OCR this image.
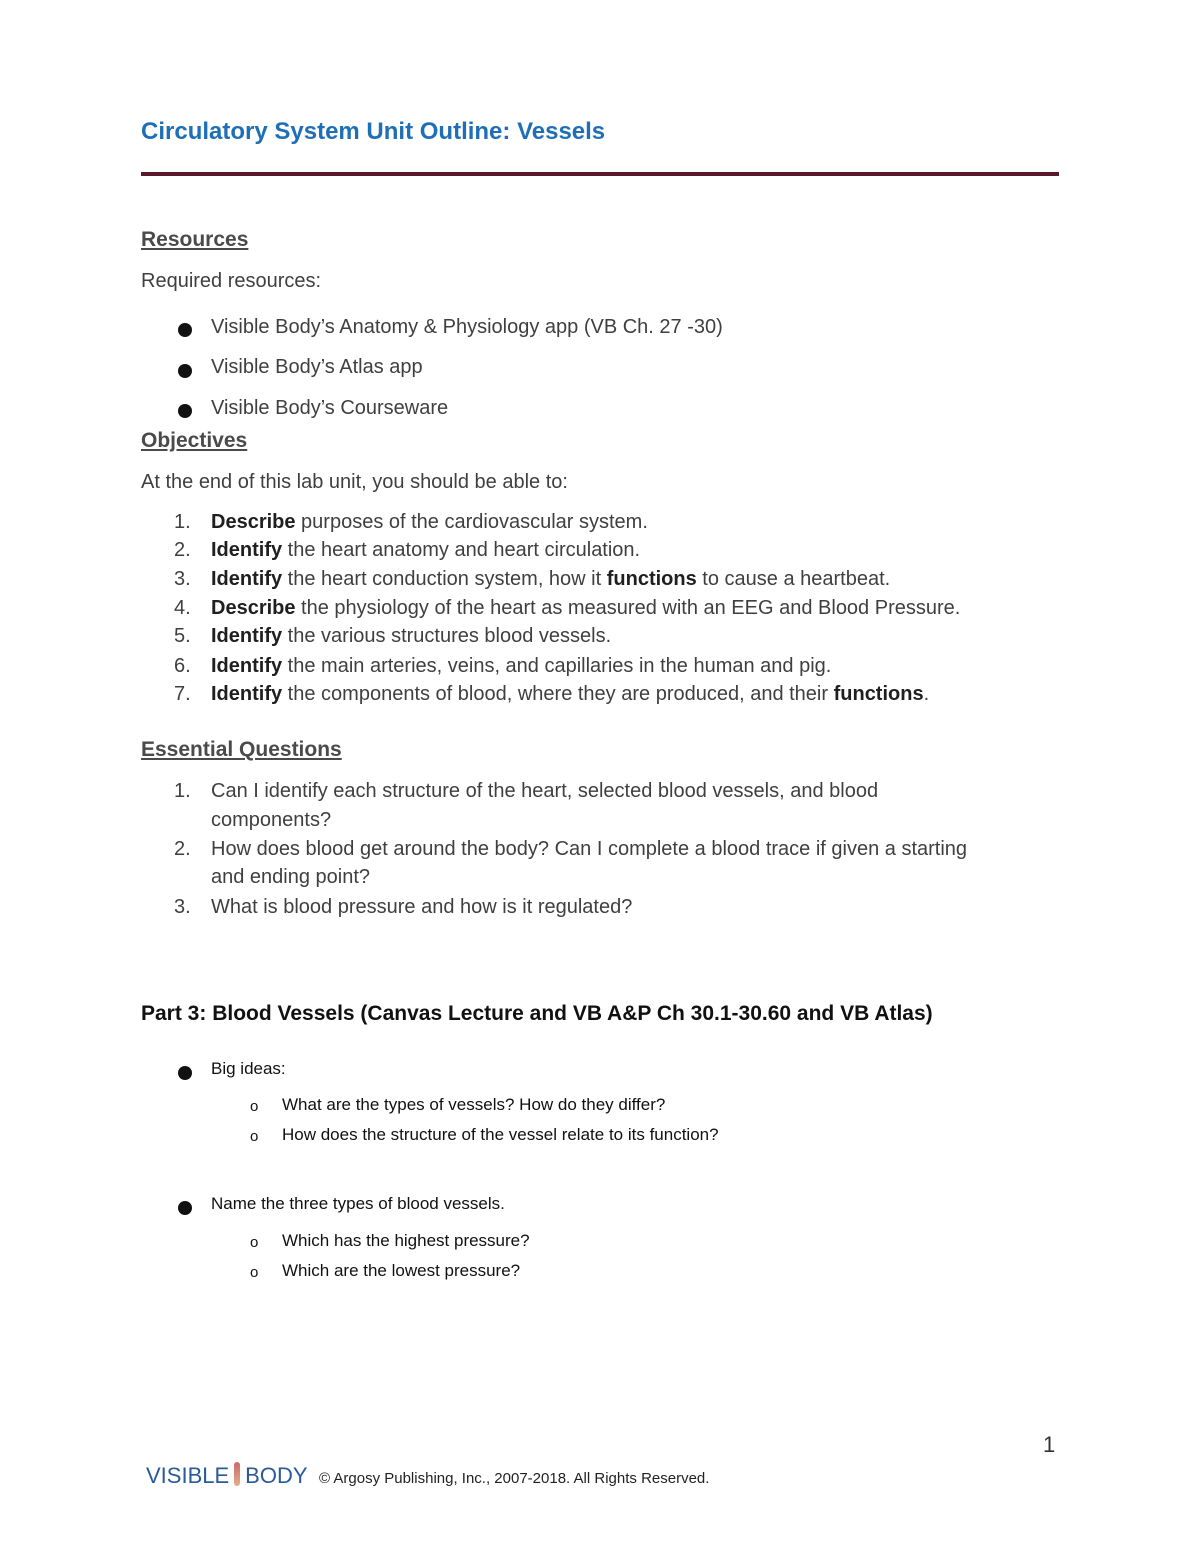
Circulatory System Unit Outline: Vessels
Resources
Required resources:
Visible Body’s Anatomy & Physiology app (VB Ch. 27 -30)
Visible Body’s Atlas app
Visible Body’s Courseware
Objectives
At the end of this lab unit, you should be able to:
1. Describe purposes of the cardiovascular system.
2. Identify the heart anatomy and heart circulation.
3. Identify the heart conduction system, how it functions to cause a heartbeat.
4. Describe the physiology of the heart as measured with an EEG and Blood Pressure.
5. Identify the various structures blood vessels.
6. Identify the main arteries, veins, and capillaries in the human and pig.
7. Identify the components of blood, where they are produced, and their functions.
Essential Questions
1. Can I identify each structure of the heart, selected blood vessels, and blood
components?
2. How does blood get around the body? Can I complete a blood trace if given a starting
and ending point?
3. What is blood pressure and how is it regulated?
Part 3: Blood Vessels (Canvas Lecture and VB A&P Ch 30.1-30.60 and VB Atlas)
Big ideas:
o What are the types of vessels? How do they differ?
o How does the structure of the vessel relate to its function?
Name the three types of blood vessels.
o Which has the highest pressure?
o Which are the lowest pressure?
1
VISIBLE BODY © Argosy Publishing, Inc., 2007-2018. All Rights Reserved.
